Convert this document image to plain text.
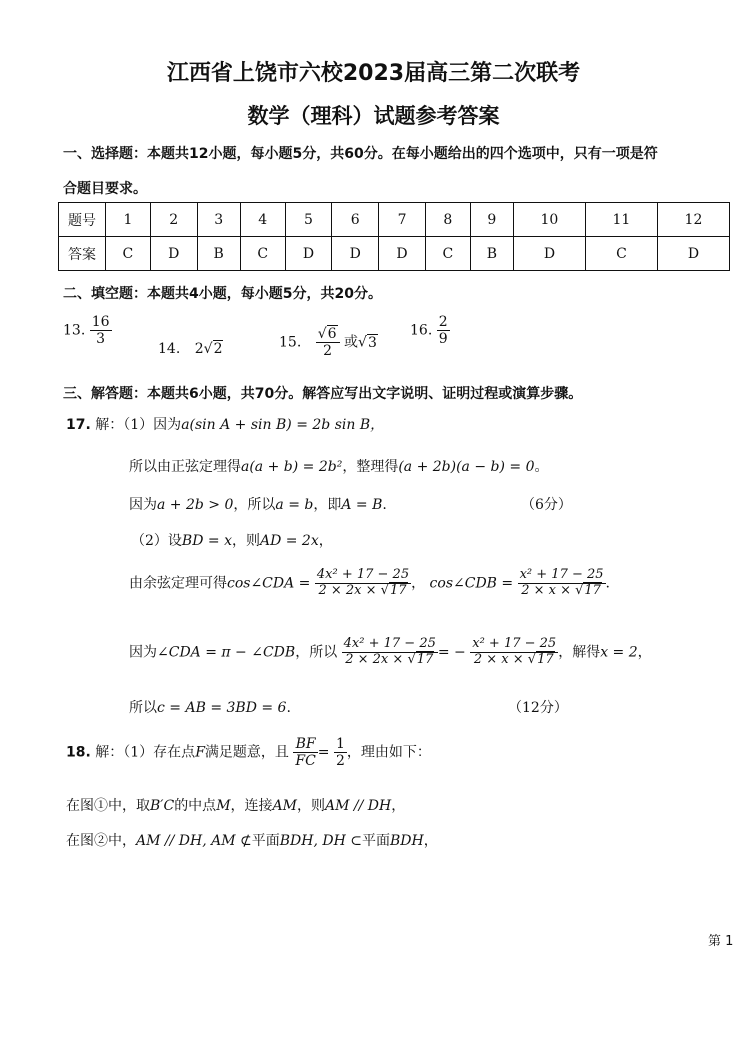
江西省上饶市六校2023届高三第二次联考
数学（理科）试题参考答案
一、选择题：本题共12小题，每小题5分，共60分。在每小题给出的四个选项中，只有一项是符
合题目要求。
题号	1	2	3	4	5	6	7	8	9	10	11	12
答案	C	D	B	C	D	D	D	C	B	D	C	D
二、填空题：本题共4小题，每小题5分，共20分。
13. $\frac{16}{3}$
14. 2√2	15. $\frac{√6}{2}$ 或√3
16. $\frac{2}{9}$
三、解答题：本题共6小题，共70分。解答应写出文字说明、证明过程或演算步骤。
17. 解：（1）因为a(sin A + sin B) = 2b sin B，
所以由正弦定理得a(a + b) = 2b²，整理得(a + 2b)(a − b) = 0。
因为a + 2b > 0，所以a = b，即A = B.	（6分）
（2）设BD = x，则AD = 2x，
由余弦定理可得cos∠CDA = $\frac{\text{4x² + 17 − 25}}{2 \times 2x \times √17}$ ， cos∠CDB = $\frac{\text{x² + 17 − 25}}{2 \times x \times √17}$ .
因为∠CDA = π − ∠CDB，所以 $\frac{\text{4x² + 17 − 25}}{2 \times 2x \times √17}$ = − $\frac{\text{x² + 17 − 25}}{2 \times x \times √17}$ ，解得x = 2，
所以c = AB = 3BD = 6.	（12分）
18. 解：（1）存在点F满足题意，且 $\frac{BF}{FC} = \frac{1}{2}$ ，理由如下：
在图①中，取B′C的中点M，连接AM，则AM // DH，
在图②中，AM // DH, AM ⊄平面BDH, DH ⊂平面BDH，
第 1
